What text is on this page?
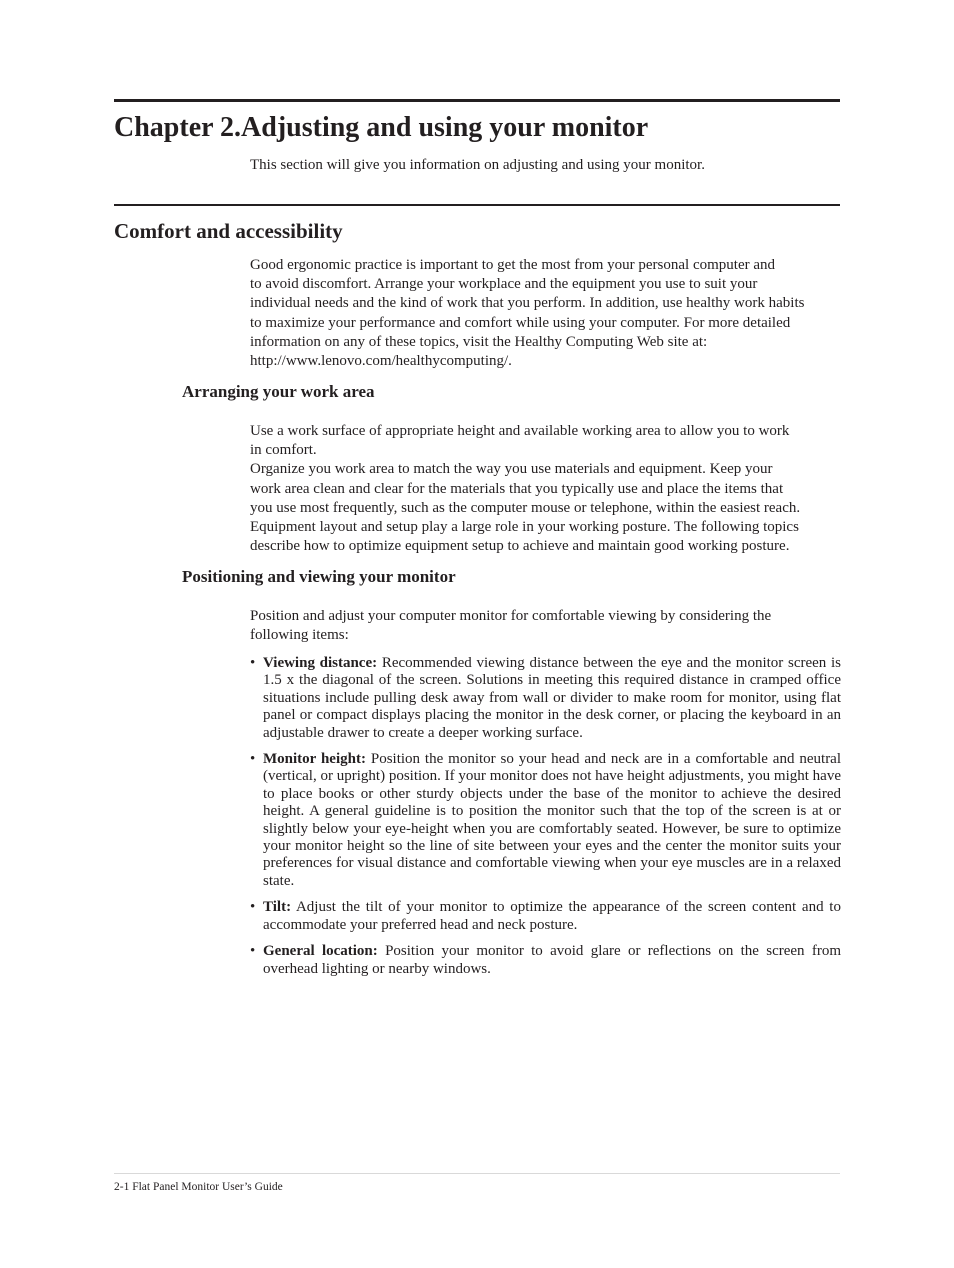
Chapter 2.Adjusting and using your monitor

This section will give you information on adjusting and using your monitor.

Comfort and accessibility
Good ergonomic practice is important to get the most from your personal computer and
to avoid discomfort. Arrange your workplace and the equipment you use to suit your
individual needs and the kind of work that you perform. In addition, use healthy work habits
to maximize your performance and comfort while using your computer. For more detailed
information on any of these topics, visit the Healthy Computing Web site at:
http://www.lenovo.com/healthycomputing/.
Arranging your work area
Use a work surface of appropriate height and available working area to allow you to work
in comfort.
Organize you work area to match the way you use materials and equipment. Keep your
work area clean and clear for the materials that you typically use and place the items that
you use most frequently, such as the computer mouse or telephone, within the easiest reach.
Equipment layout and setup play a large role in your working posture. The following topics
describe how to optimize equipment setup to achieve and maintain good working posture.
Positioning and viewing your monitor
Position and adjust your computer monitor for comfortable viewing by considering the
following items:
• Viewing distance: Recommended viewing distance between the eye and the monitor screen is 1.5 x the diagonal of the screen. Solutions in meeting this required distance in cramped office situations include pulling desk away from wall or divider to make room for monitor, using flat panel or compact displays placing the monitor in the desk corner, or placing the keyboard in an adjustable drawer to create a deeper working surface.
• Monitor height: Position the monitor so your head and neck are in a comfortable and neutral (vertical, or upright) position. If your monitor does not have height adjustments, you might have to place books or other sturdy objects under the base of the monitor to achieve the desired height. A general guideline is to position the monitor such that the top of the screen is at or slightly below your eye-height when you are comfortably seated. However, be sure to optimize your monitor height so the line of site between your eyes and the center the monitor suits your preferences for visual distance and comfortable viewing when your eye muscles are in a relaxed state.
• Tilt: Adjust the tilt of your monitor to optimize the appearance of the screen content and to accommodate your preferred head and neck posture.
• General location: Position your monitor to avoid glare or reflections on the screen from overhead lighting or nearby windows.

2-1 Flat Panel Monitor User’s Guide
